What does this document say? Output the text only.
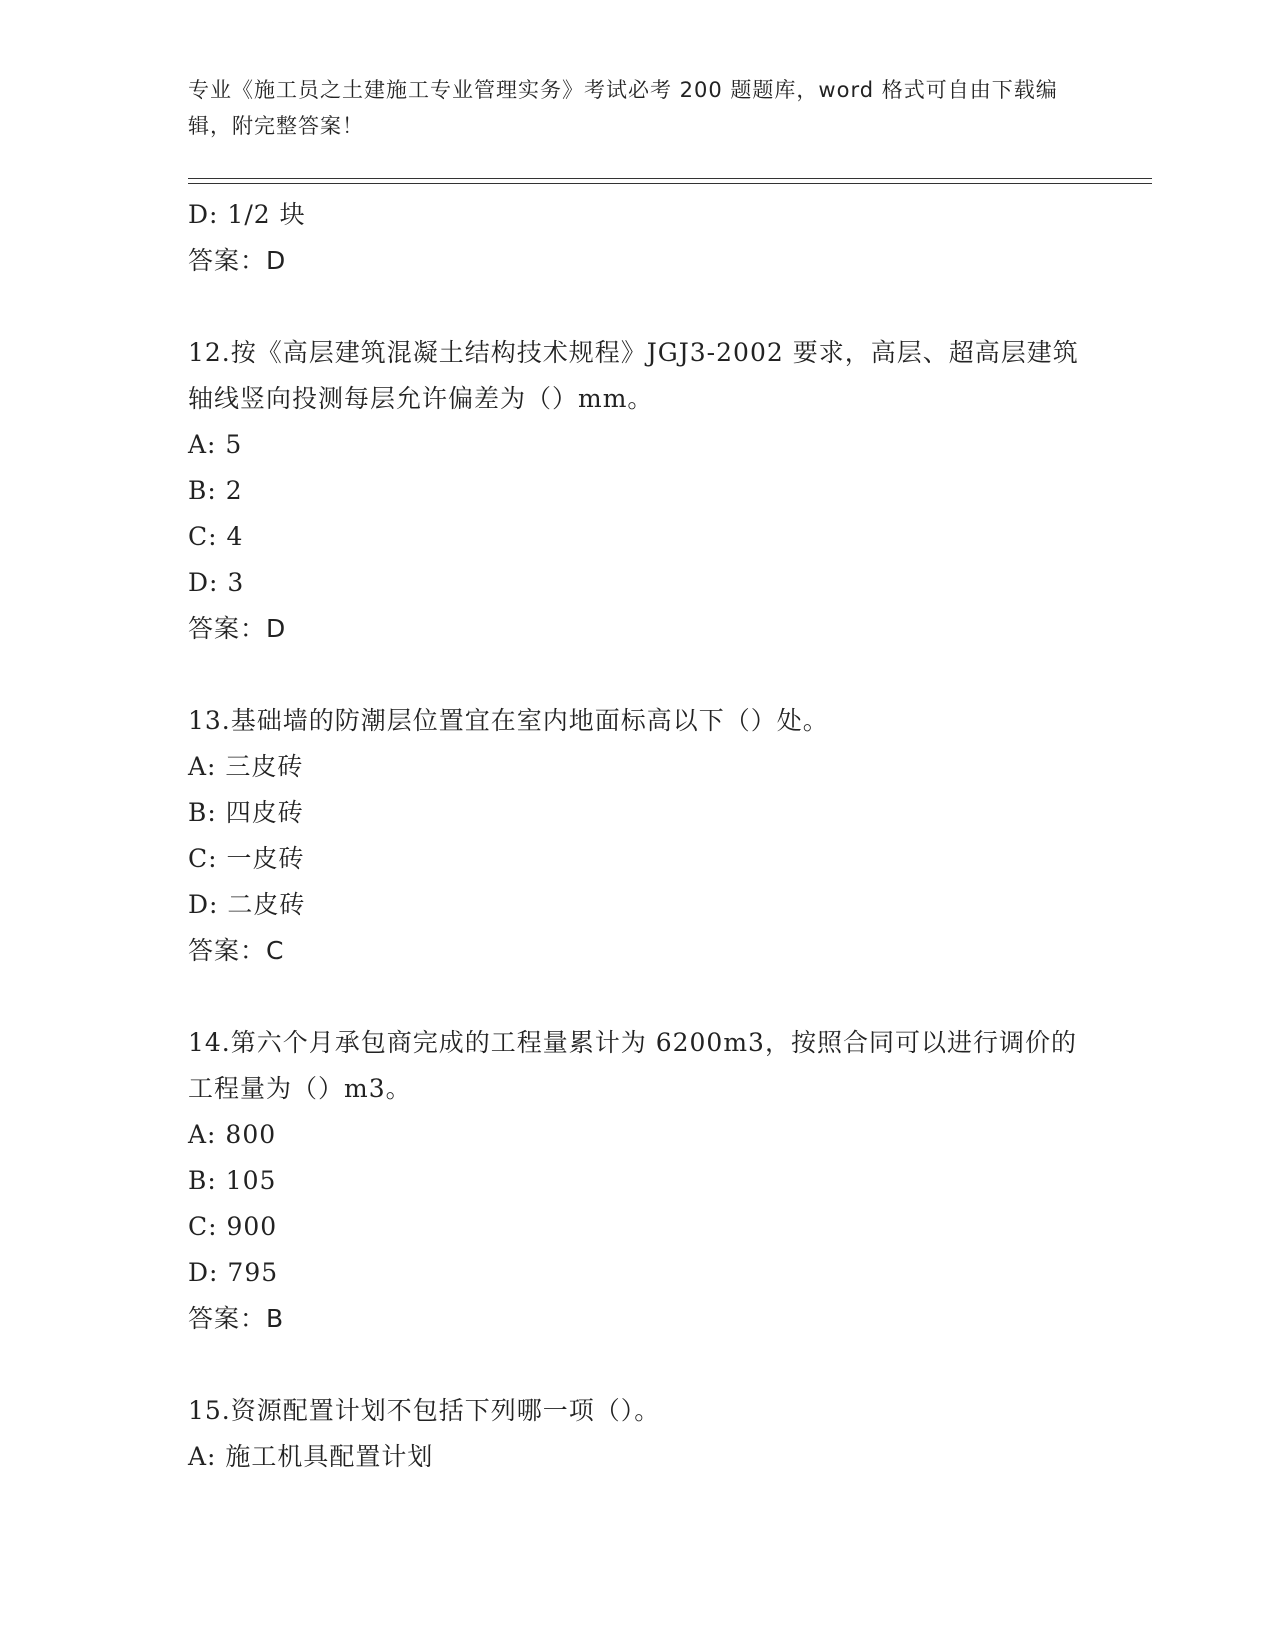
专业《施工员之土建施工专业管理实务》考试必考 200 题题库，word 格式可自由下载编辑，附完整答案！
D: 1/2 块
答案：D
12.按《高层建筑混凝土结构技术规程》JGJ3-2002 要求，高层、超高层建筑轴线竖向投测每层允许偏差为（）mm。
A: 5
B: 2
C: 4
D: 3
答案：D
13.基础墙的防潮层位置宜在室内地面标高以下（）处。
A: 三皮砖
B: 四皮砖
C: 一皮砖
D: 二皮砖
答案：C
14.第六个月承包商完成的工程量累计为 6200m3，按照合同可以进行调价的工程量为（）m3。
A: 800
B: 105
C: 900
D: 795
答案：B
15.资源配置计划不包括下列哪一项（）。
A: 施工机具配置计划
